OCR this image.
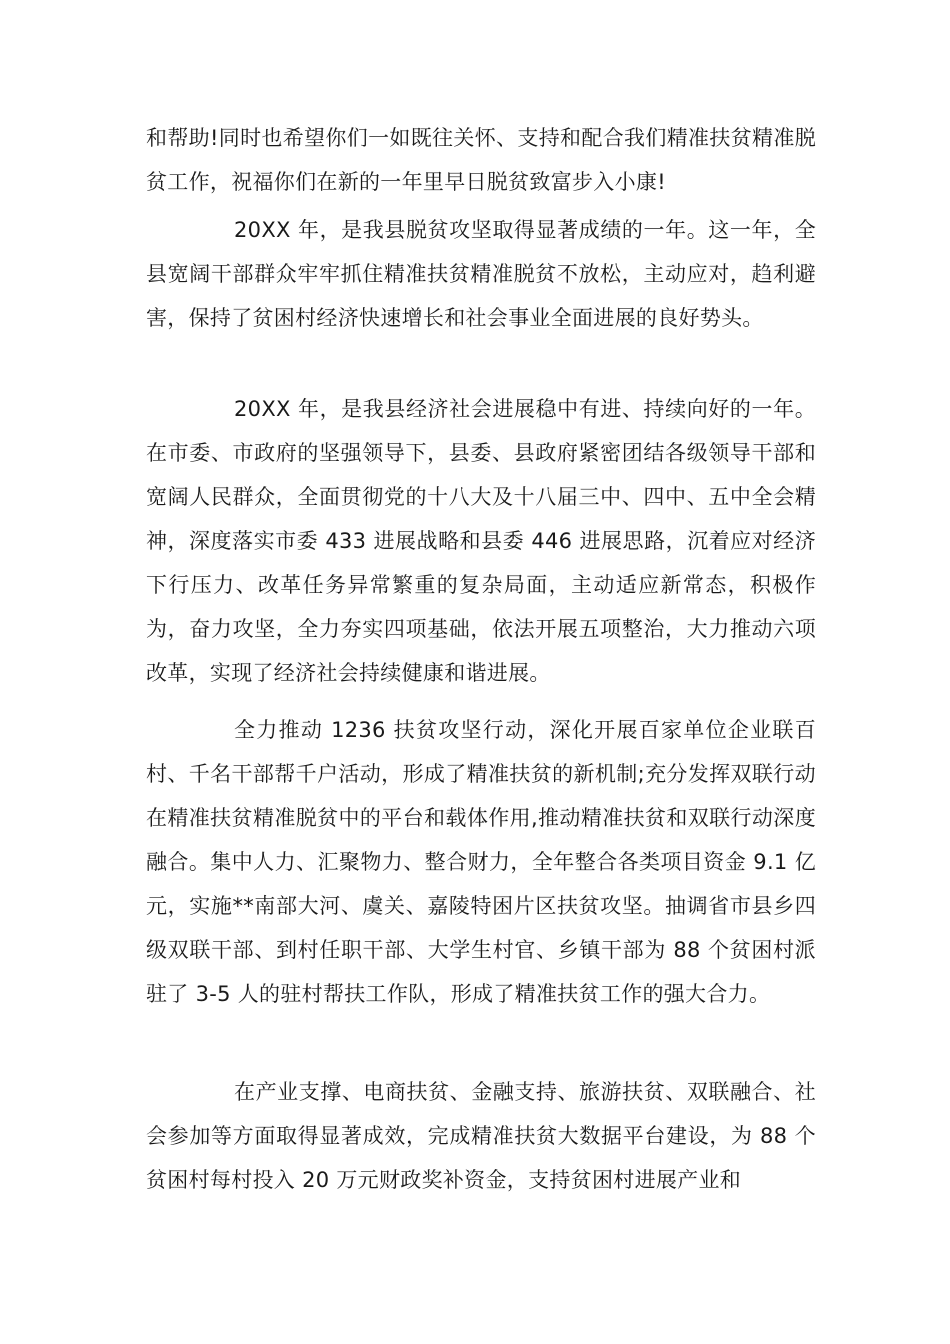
和帮助!同时也希望你们一如既往关怀、支持和配合我们精准扶贫精准脱贫工作，祝福你们在新的一年里早日脱贫致富步入小康!

20XX 年，是我县脱贫攻坚取得显著成绩的一年。这一年，全县宽阔干部群众牢牢抓住精准扶贫精准脱贫不放松，主动应对，趋利避害，保持了贫困村经济快速增长和社会事业全面进展的良好势头。

20XX 年，是我县经济社会进展稳中有进、持续向好的一年。在市委、市政府的坚强领导下，县委、县政府紧密团结各级领导干部和宽阔人民群众，全面贯彻党的十八大及十八届三中、四中、五中全会精神，深度落实市委 433 进展战略和县委 446 进展思路，沉着应对经济下行压力、改革任务异常繁重的复杂局面，主动适应新常态，积极作为，奋力攻坚，全力夯实四项基础，依法开展五项整治，大力推动六项改革，实现了经济社会持续健康和谐进展。

全力推动 1236 扶贫攻坚行动，深化开展百家单位企业联百村、千名干部帮千户活动，形成了精准扶贫的新机制;充分发挥双联行动在精准扶贫精准脱贫中的平台和载体作用,推动精准扶贫和双联行动深度融合。集中人力、汇聚物力、整合财力，全年整合各类项目资金 9.1 亿元，实施**南部大河、虞关、嘉陵特困片区扶贫攻坚。抽调省市县乡四级双联干部、到村任职干部、大学生村官、乡镇干部为 88 个贫困村派驻了 3-5 人的驻村帮扶工作队，形成了精准扶贫工作的强大合力。

在产业支撑、电商扶贫、金融支持、旅游扶贫、双联融合、社会参加等方面取得显著成效，完成精准扶贫大数据平台建设，为 88 个贫困村每村投入 20 万元财政奖补资金，支持贫困村进展产业和
